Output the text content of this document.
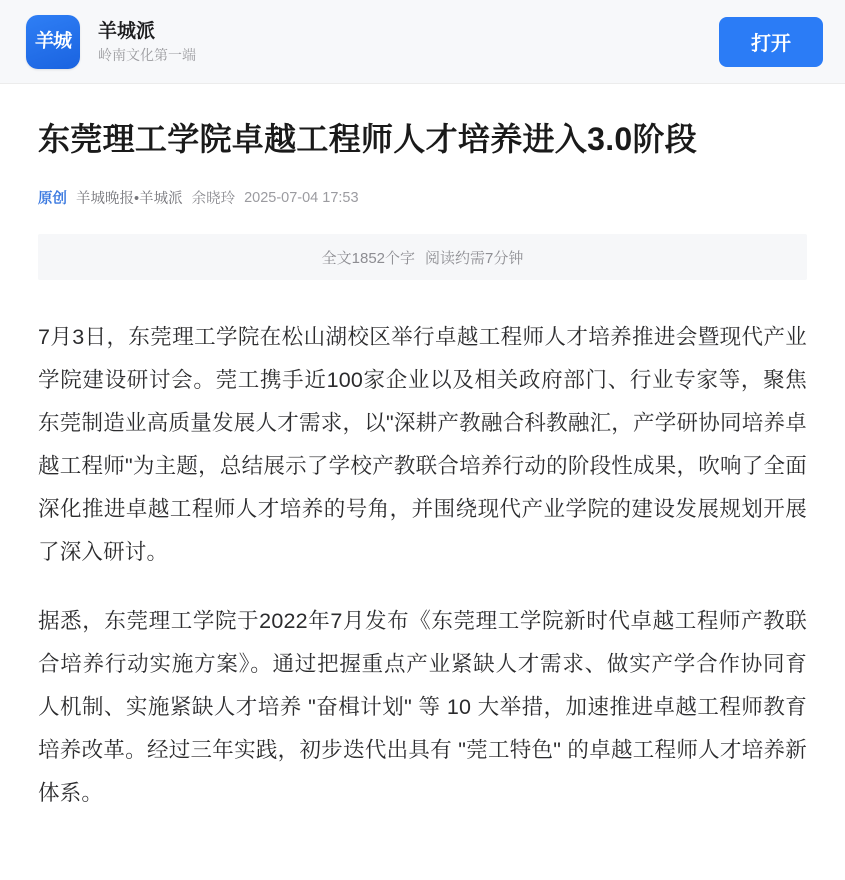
羊城 羊城派
岭南文化第一端	打开
东莞理工学院卓越工程师人才培养进入3.0阶段
原创 羊城晚报•羊城派 余晓玲 2025-07-04 17:53
全文1852个字 阅读约需7分钟

7月3日，东莞理工学院在松山湖校区举行卓越工程师人才培养推进会暨现代产业学院建设研讨会。莞工携手近100家企业以及相关政府部门、行业专家等，聚焦东莞制造业高质量发展人才需求，以"深耕产教融合科教融汇，产学研协同培养卓越工程师"为主题，总结展示了学校产教联合培养行动的阶段性成果，吹响了全面深化推进卓越工程师人才培养的号角，并围绕现代产业学院的建设发展规划开展了深入研讨。

据悉，东莞理工学院于2022年7月发布《东莞理工学院新时代卓越工程师产教联合培养行动实施方案》。通过把握重点产业紧缺人才需求、做实产学合作协同育人机制、实施紧缺人才培养 "奋楫计划" 等 10 大举措，加速推进卓越工程师教育培养改革。经过三年实践，初步迭代出具有 "莞工特色" 的卓越工程师人才培养新体系。
